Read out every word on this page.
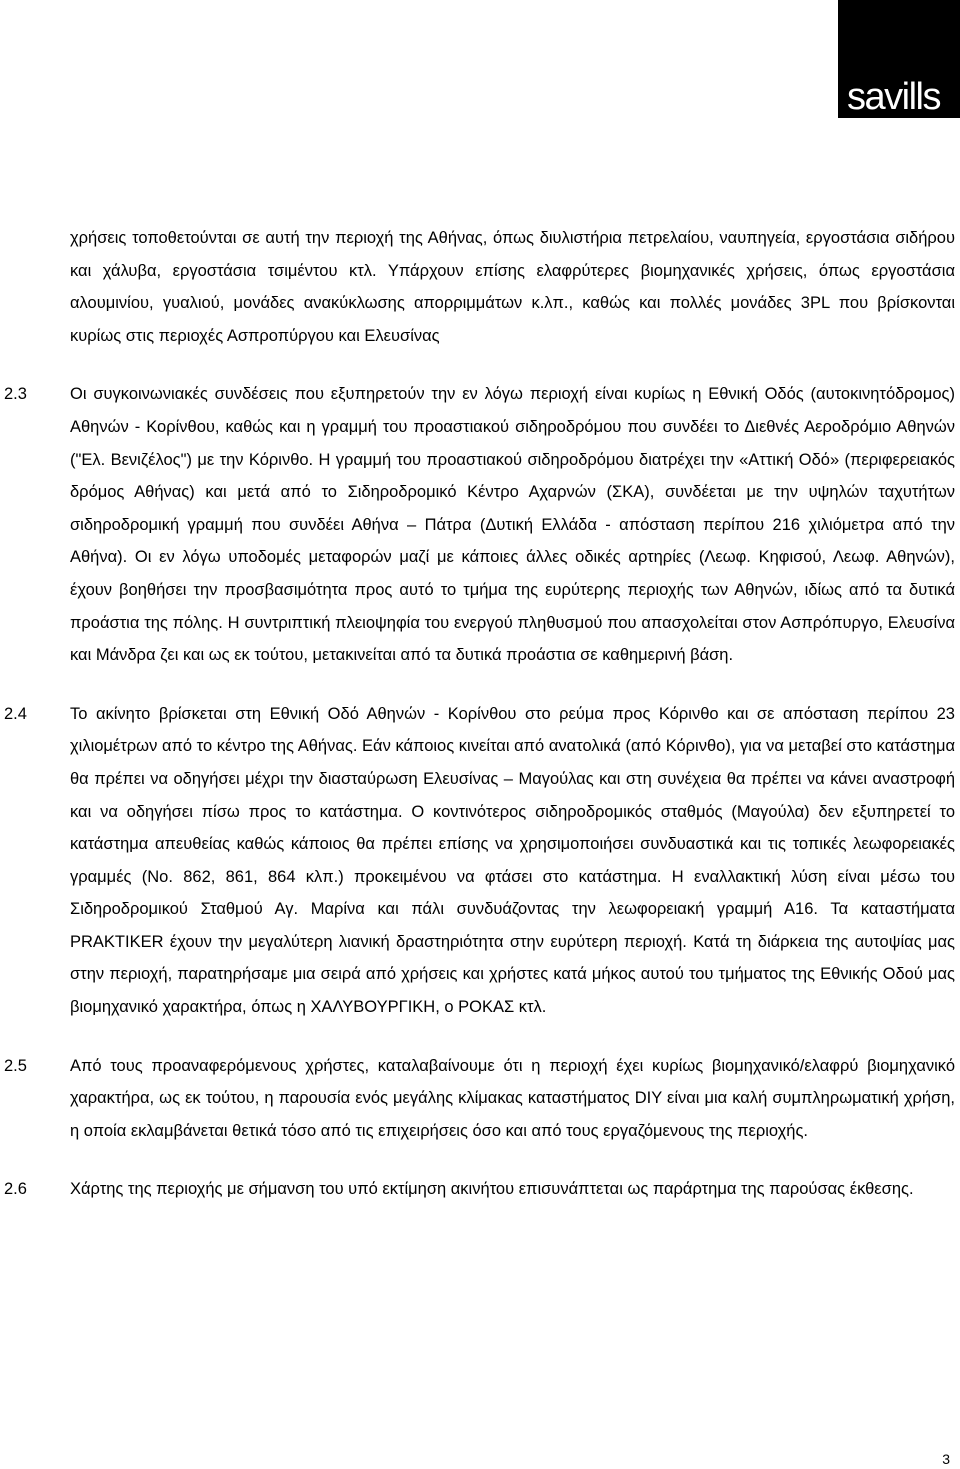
savills
χρήσεις τοποθετούνται σε αυτή την περιοχή της Αθήνας, όπως διυλιστήρια πετρελαίου, ναυπηγεία, εργοστάσια σιδήρου και χάλυβα, εργοστάσια τσιμέντου κτλ. Υπάρχουν επίσης ελαφρύτερες βιομηχανικές χρήσεις, όπως εργοστάσια αλουμινίου, γυαλιού, μονάδες ανακύκλωσης απορριμμάτων κ.λπ., καθώς και πολλές μονάδες 3PL που βρίσκονται κυρίως στις περιοχές Ασπροπύργου και Ελευσίνας
2.3	Οι συγκοινωνιακές συνδέσεις που εξυπηρετούν την εν λόγω περιοχή είναι κυρίως η Εθνική Οδός (αυτοκινητόδρομος) Αθηνών - Κορίνθου, καθώς και η γραμμή του προαστιακού σιδηροδρόμου που συνδέει το Διεθνές Αεροδρόμιο Αθηνών ("Ελ. Βενιζέλος") με την Κόρινθο. Η γραμμή του προαστιακού σιδηροδρόμου διατρέχει την «Αττική Οδό» (περιφερειακός δρόμος Αθήνας) και μετά από το Σιδηροδρομικό Κέντρο Αχαρνών (ΣΚΑ), συνδέεται με την υψηλών ταχυτήτων σιδηροδρομική γραμμή που συνδέει Αθήνα – Πάτρα (Δυτική Ελλάδα - απόσταση περίπου 216 χιλιόμετρα από την Αθήνα). Οι εν λόγω υποδομές μεταφορών μαζί με κάποιες άλλες οδικές αρτηρίες (Λεωφ. Κηφισού, Λεωφ. Αθηνών), έχουν βοηθήσει την προσβασιμότητα προς αυτό το τμήμα της ευρύτερης περιοχής των Αθηνών, ιδίως από τα δυτικά προάστια της πόλης. Η συντριπτική πλειοψηφία του ενεργού πληθυσμού που απασχολείται στον Ασπρόπυργο, Ελευσίνα και Μάνδρα ζει και ως εκ τούτου, μετακινείται από τα δυτικά προάστια σε καθημερινή βάση.
2.4	Το ακίνητο βρίσκεται στη Εθνική Οδό Αθηνών - Κορίνθου στο ρεύμα προς Κόρινθο και σε απόσταση περίπου 23 χιλιομέτρων από το κέντρο της Αθήνας. Εάν κάποιος κινείται από ανατολικά (από Κόρινθο), για να μεταβεί στο κατάστημα θα πρέπει να οδηγήσει μέχρι την διασταύρωση Ελευσίνας – Μαγούλας και στη συνέχεια θα πρέπει να κάνει αναστροφή και να οδηγήσει πίσω προς το κατάστημα. Ο κοντινότερος σιδηροδρομικός σταθμός (Μαγούλα) δεν εξυπηρετεί το κατάστημα απευθείας καθώς κάποιος θα πρέπει επίσης να χρησιμοποιήσει συνδυαστικά και τις τοπικές λεωφορειακές γραμμές (Νο. 862, 861, 864 κλπ.) προκειμένου να φτάσει στο κατάστημα. Η εναλλακτική λύση είναι μέσω του Σιδηροδρομικού Σταθμού Αγ. Μαρίνα και πάλι συνδυάζοντας την λεωφορειακή γραμμή Α16. Τα καταστήματα PRAKTIKER έχουν την μεγαλύτερη λιανική δραστηριότητα στην ευρύτερη περιοχή. Κατά τη διάρκεια της αυτοψίας μας στην περιοχή, παρατηρήσαμε μια σειρά από χρήσεις και χρήστες κατά μήκος αυτού του τμήματος της Εθνικής Οδού μας βιομηχανικό χαρακτήρα, όπως η ΧΑΛΥΒΟΥΡΓΙΚΗ, ο ΡΟΚΑΣ κτλ.
2.5	Από τους προαναφερόμενους χρήστες, καταλαβαίνουμε ότι η περιοχή έχει κυρίως βιομηχανικό/ελαφρύ βιομηχανικό χαρακτήρα, ως εκ τούτου, η παρουσία ενός μεγάλης κλίμακας καταστήματος DIY είναι μια καλή συμπληρωματική χρήση, η οποία εκλαμβάνεται θετικά τόσο από τις επιχειρήσεις όσο και από τους εργαζόμενους της περιοχής.
2.6	Χάρτης της περιοχής με σήμανση του υπό εκτίμηση ακινήτου επισυνάπτεται ως παράρτημα της παρούσας έκθεσης.
3
